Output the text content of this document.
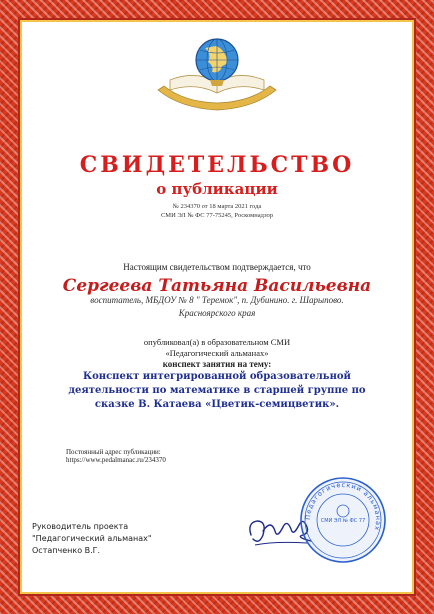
СВИДЕТЕЛЬСТВО
о публикации
№ 234370 от 18 марта 2021 года
СМИ ЭЛ № ФС 77-75245, Роскомнадзор
Настоящим свидетельством подтверждается, что
Сергеева Татьяна Васильевна
воспитатель, МБДОУ № 8 " Теремок", п. Дубинино. г. Шарыпово.
Красноярского края
опубликовал(а) в образовательном СМИ
«Педагогический альманах»
конспект занятия на тему:
Конспект интегрированной образовательной
деятельности по математике в старшей группе по
сказке В. Катаева «Цветик-семицветик».
Постоянный адрес публикации:
https://www.pedalmanac.ru/234370
Руководитель проекта
"Педагогический альманах"
Остапченко В.Г.
Педагогический альманах
СМИ ЭЛ № ФС 77
